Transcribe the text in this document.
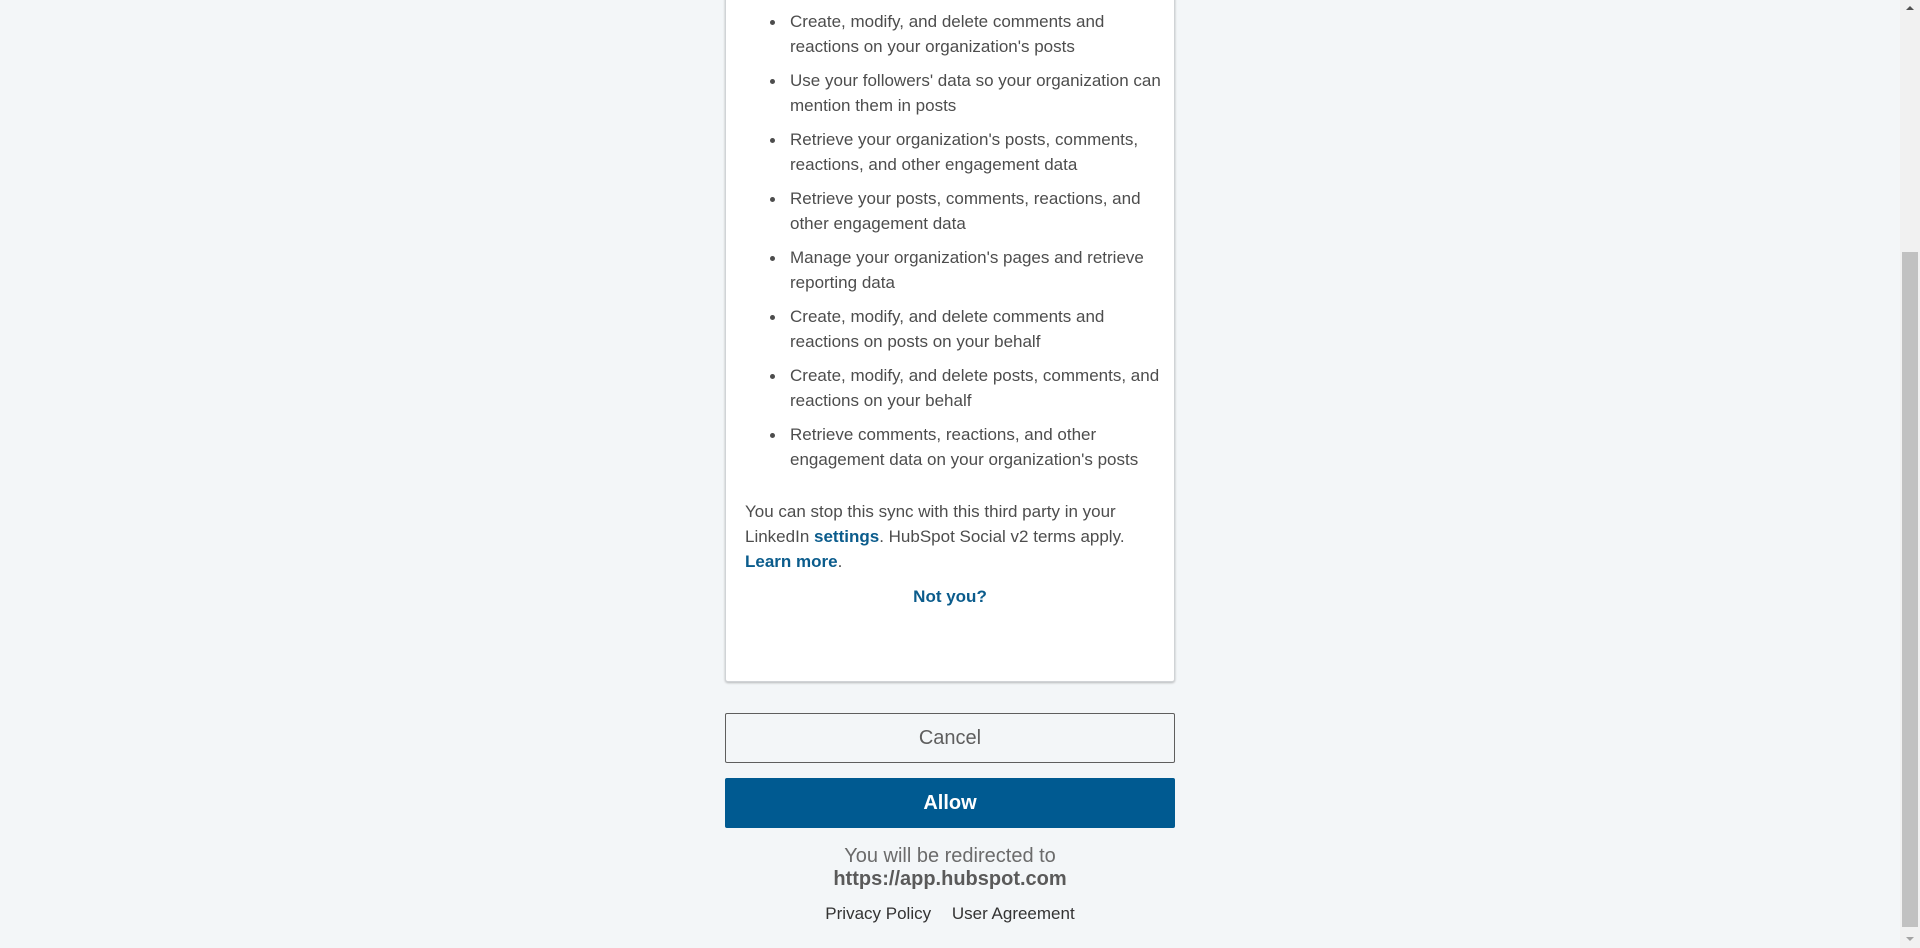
Create, modify, and delete comments and reactions on your organization's posts
Use your followers' data so your organization can mention them in posts
Retrieve your organization's posts, comments, reactions, and other engagement data
Retrieve your posts, comments, reactions, and other engagement data
Manage your organization's pages and retrieve reporting data
Create, modify, and delete comments and reactions on posts on your behalf
Create, modify, and delete posts, comments, and reactions on your behalf
Retrieve comments, reactions, and other engagement data on your organization's posts
You can stop this sync with this third party in your LinkedIn settings. HubSpot Social v2 terms apply. Learn more.
Not you?
Cancel
Allow
You will be redirected to https://app.hubspot.com
Privacy Policy User Agreement
